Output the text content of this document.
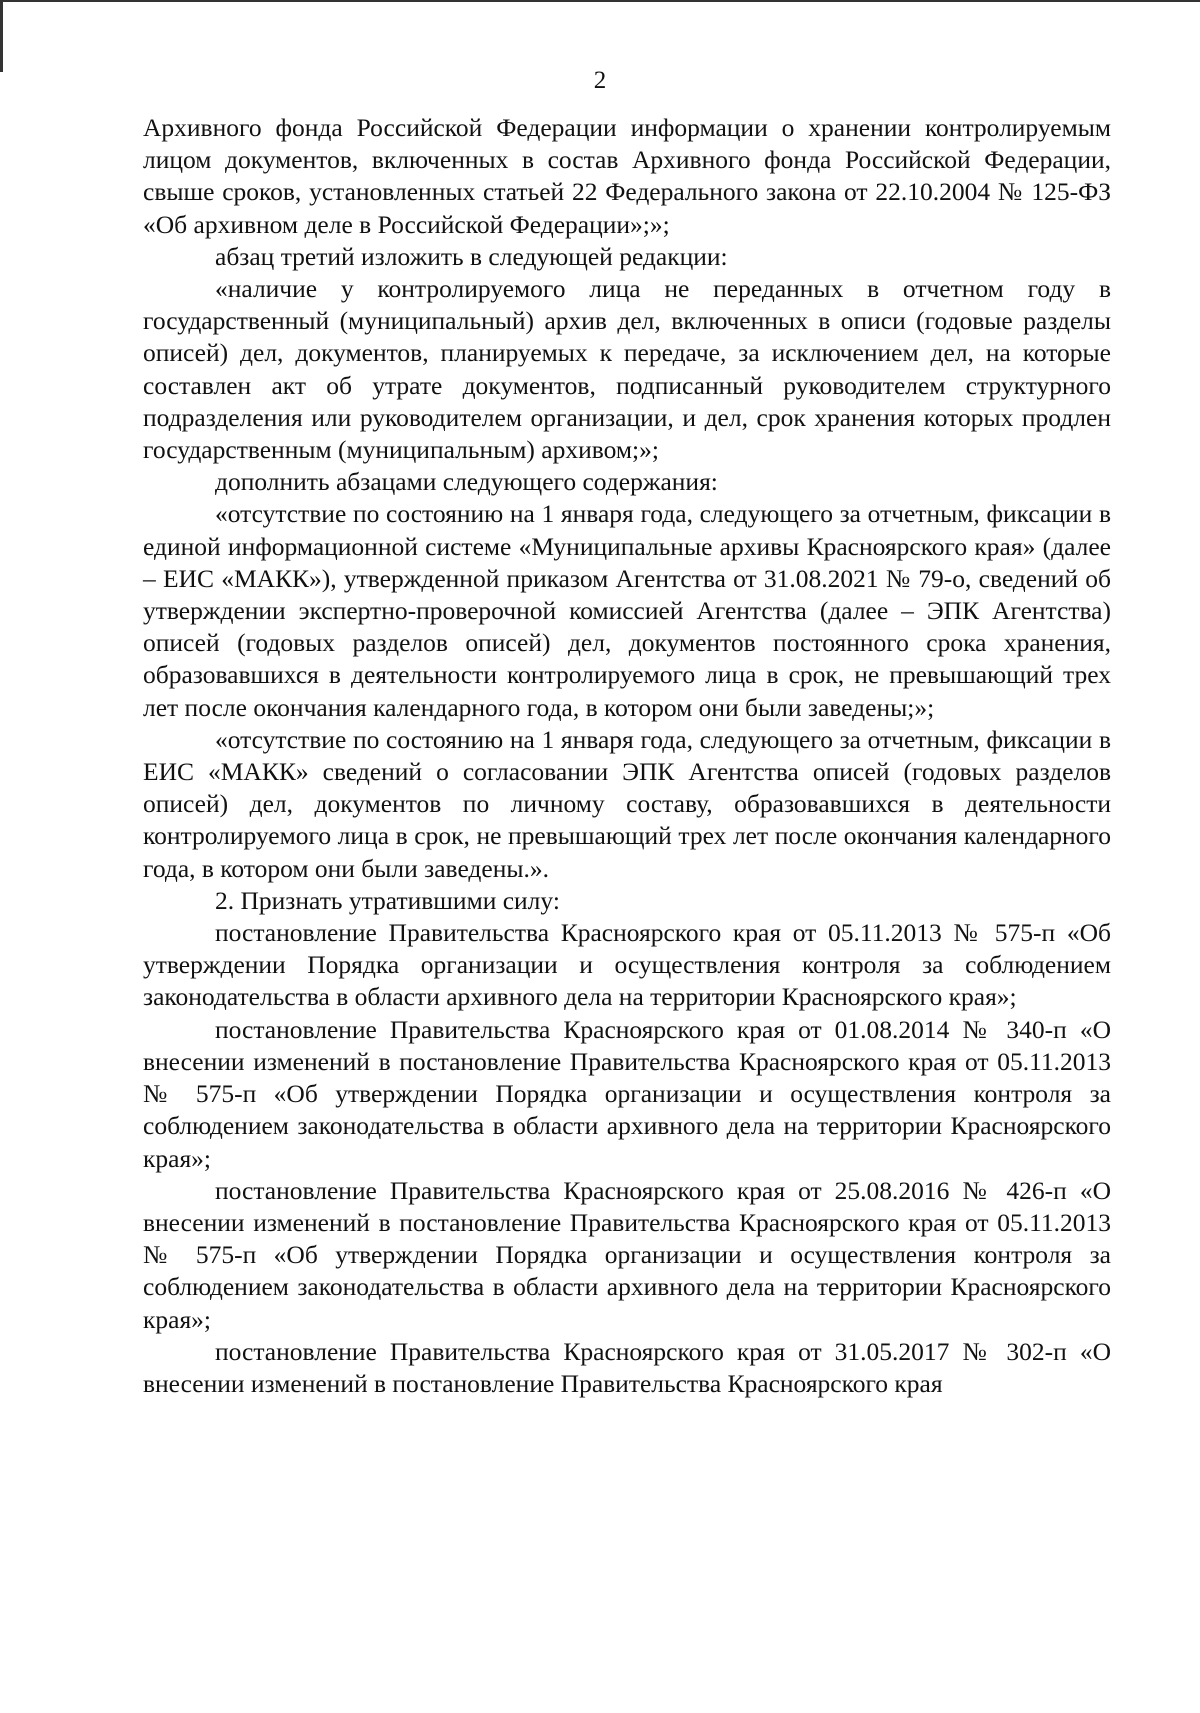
2

Архивного фонда Российской Федерации информации о хранении контролируемым лицом документов, включенных в состав Архивного фонда Российской Федерации, свыше сроков, установленных статьей 22 Федерального закона от 22.10.2004 № 125-ФЗ «Об архивном деле в Российской Федерации»;»;

абзац третий изложить в следующей редакции:

«наличие у контролируемого лица не переданных в отчетном году в государственный (муниципальный) архив дел, включенных в описи (годовые разделы описей) дел, документов, планируемых к передаче, за исключением дел, на которые составлен акт об утрате документов, подписанный руководителем структурного подразделения или руководителем организации, и дел, срок хранения которых продлен государственным (муниципальным) архивом;»;

дополнить абзацами следующего содержания:

«отсутствие по состоянию на 1 января года, следующего за отчетным, фиксации в единой информационной системе «Муниципальные архивы Красноярского края» (далее – ЕИС «МАКК»), утвержденной приказом Агентства от 31.08.2021 № 79-о, сведений об утверждении экспертно-проверочной комиссией Агентства (далее – ЭПК Агентства) описей (годовых разделов описей) дел, документов постоянного срока хранения, образовавшихся в деятельности контролируемого лица в срок, не превышающий трех лет после окончания календарного года, в котором они были заведены;»;

«отсутствие по состоянию на 1 января года, следующего за отчетным, фиксации в ЕИС «МАКК» сведений о согласовании ЭПК Агентства описей (годовых разделов описей) дел, документов по личному составу, образовавшихся в деятельности контролируемого лица в срок, не превышающий трех лет после окончания календарного года, в котором они были заведены.».

2. Признать утратившими силу:

постановление Правительства Красноярского края от 05.11.2013 № 575-п «Об утверждении Порядка организации и осуществления контроля за соблюдением законодательства в области архивного дела на территории Красноярского края»;

постановление Правительства Красноярского края от 01.08.2014 № 340-п «О внесении изменений в постановление Правительства Красноярского края от 05.11.2013 № 575-п «Об утверждении Порядка организации и осуществления контроля за соблюдением законодательства в области архивного дела на территории Красноярского края»;

постановление Правительства Красноярского края от 25.08.2016 № 426-п «О внесении изменений в постановление Правительства Красноярского края от 05.11.2013 № 575-п «Об утверждении Порядка организации и осуществления контроля за соблюдением законодательства в области архивного дела на территории Красноярского края»;

постановление Правительства Красноярского края от 31.05.2017 № 302-п «О внесении изменений в постановление Правительства Красноярского края
